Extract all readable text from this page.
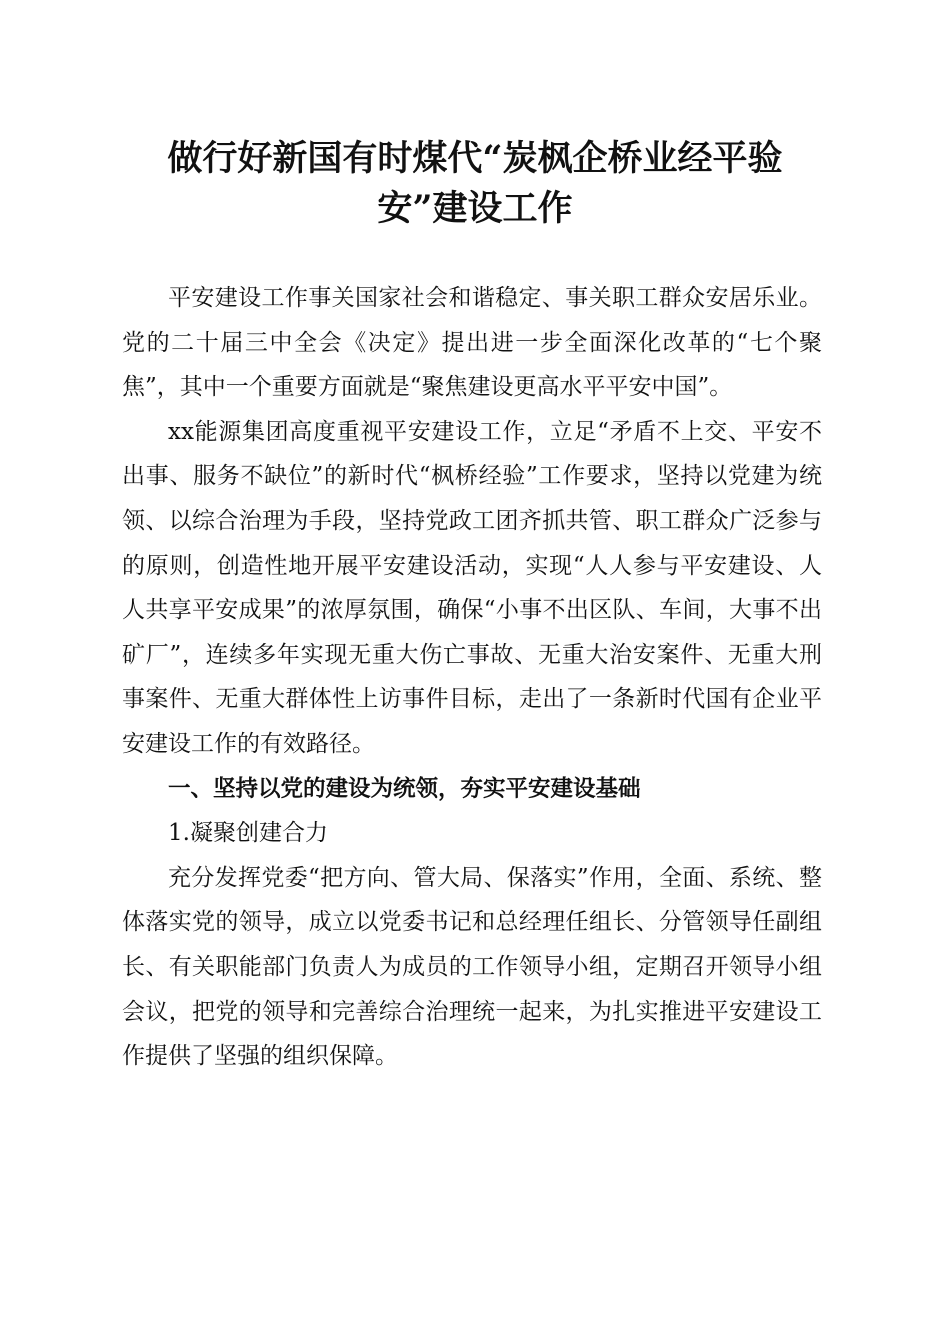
做行好新国有时煤代“炭枫企桥业经平验
安”建设工作

平安建设工作事关国家社会和谐稳定、事关职工群众安居乐业。党的二十届三中全会《决定》提出进一步全面深化改革的“七个聚焦”，其中一个重要方面就是“聚焦建设更高水平平安中国”。

xx能源集团高度重视平安建设工作，立足“矛盾不上交、平安不出事、服务不缺位”的新时代“枫桥经验”工作要求，坚持以党建为统领、以综合治理为手段，坚持党政工团齐抓共管、职工群众广泛参与的原则，创造性地开展平安建设活动，实现“人人参与平安建设、人人共享平安成果”的浓厚氛围，确保“小事不出区队、车间，大事不出矿厂”，连续多年实现无重大伤亡事故、无重大治安案件、无重大刑事案件、无重大群体性上访事件目标，走出了一条新时代国有企业平安建设工作的有效路径。

一、坚持以党的建设为统领，夯实平安建设基础

1.凝聚创建合力

充分发挥党委“把方向、管大局、保落实”作用，全面、系统、整体落实党的领导，成立以党委书记和总经理任组长、分管领导任副组长、有关职能部门负责人为成员的工作领导小组，定期召开领导小组会议，把党的领导和完善综合治理统一起来，为扎实推进平安建设工作提供了坚强的组织保障。
